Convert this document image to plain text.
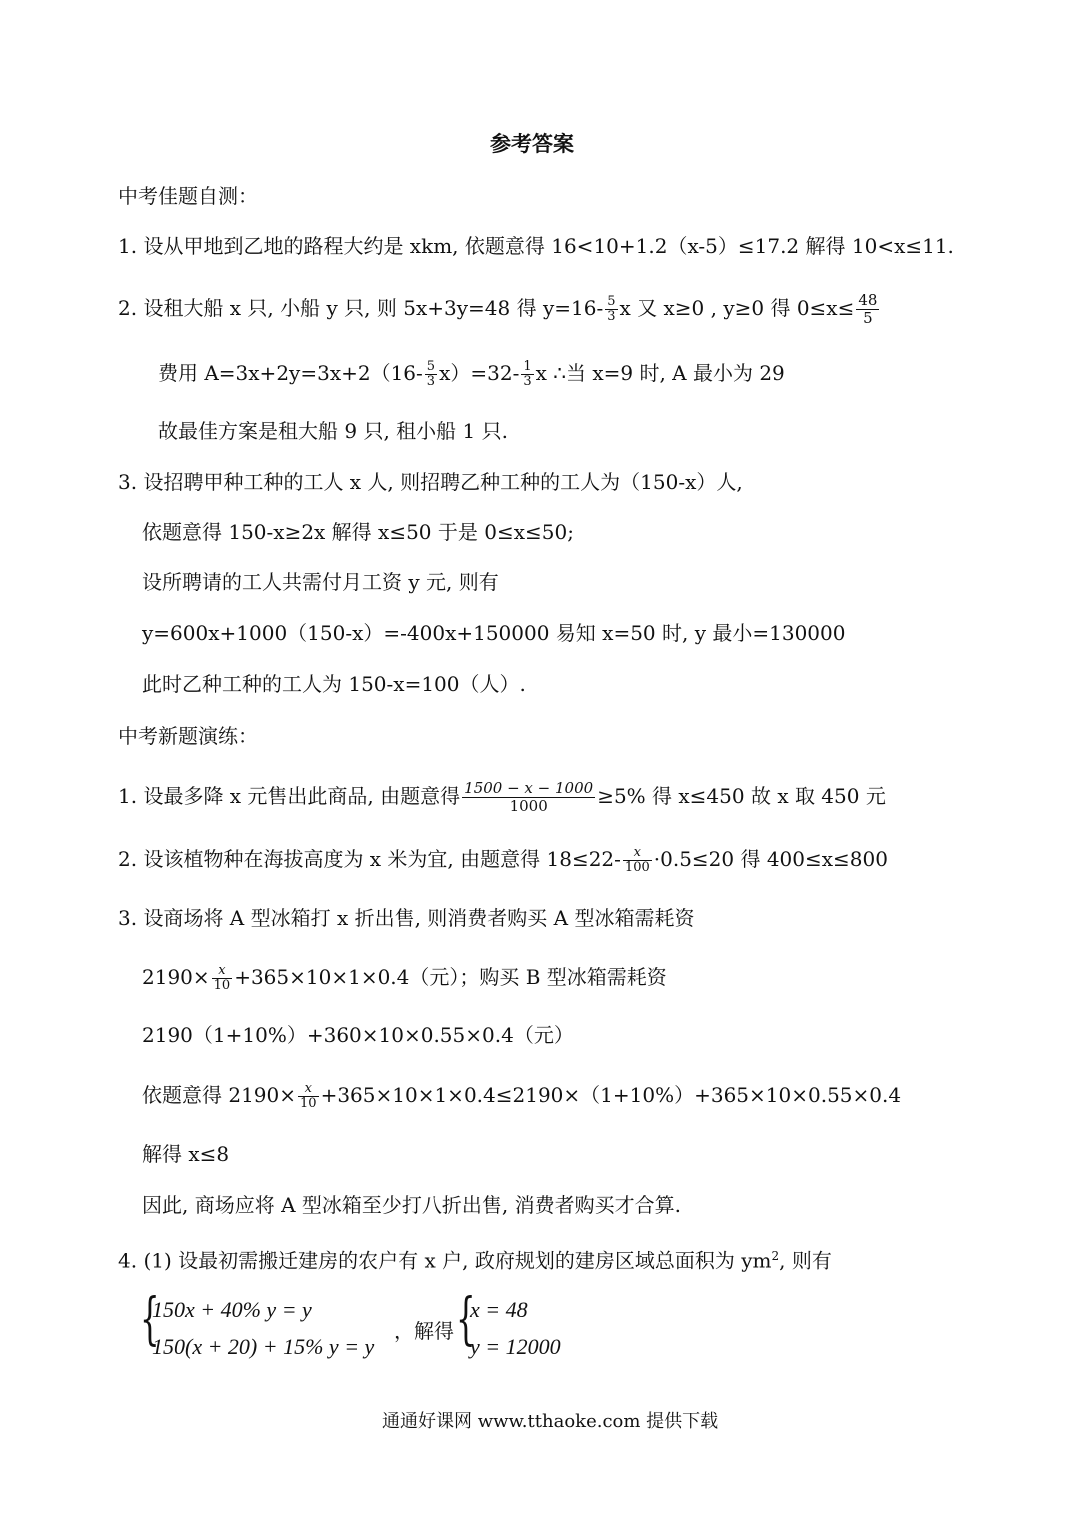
参考答案
中考佳题自测：
1. 设从甲地到乙地的路程大约是 xkm, 依题意得 16<10+1.2（x-5）≤17.2 解得 10<x≤11.
2. 设租大船 x 只, 小船 y 只, 则 5x+3y=48 得 $y=16- \frac{5}{3}$ x 又 x≥0 , y≥0 得 $0\le x\le \frac{48}{5}$
费用 $A=3x+2y=3x+2(16- \frac{5}{3} x)=32- \frac{1}{3}$ x ∴当 x=9 时, A 最小为 29
故最佳方案是租大船 9 只, 租小船 1 只.
3. 设招聘甲种工种的工人 x 人, 则招聘乙种工种的工人为（150-x）人,
依题意得 150-x≥2x 解得 x≤50 于是 0≤x≤50;
设所聘请的工人共需付月工资 y 元, 则有
y=600x+1000（150-x）=-400x+150000 易知 x=50 时, y 最小=130000
此时乙种工种的工人为 150-x=100（人）.
中考新题演练：
1. 设最多降 x 元售出此商品, 由题意得 $\frac{1500 - x - 1000}{1000} \ge 5\%$ 得 x≤450 故 x 取 450 元
2. 设该植物种在海拔高度为 x 米为宜, 由题意得 $18\le 22- \frac{x}{100} \cdot 0.5\le 20$ 得 400≤x≤800
3. 设商场将 A 型冰箱打 x 折出售, 则消费者购买 A 型冰箱需耗资
$2190\times \frac{x}{10} +365\times 10\times 1\times 0.4$（元）；购买 B 型冰箱需耗资
2190（1+10%）+360×10×0.55×0.4（元）
依题意得 $2190\times \frac{x}{10} +365\times 10\times 1\times 0.4\le 2190\times(1+10\%)+365\times 10\times 0.55\times 0.4$
解得 x≤8
因此, 商场应将 A 型冰箱至少打八折出售, 消费者购买才合算.
4. (1) 设最初需搬迁建房的农户有 x 户, 政府规划的建房区域总面积为 $ym^2$, 则有
{
150x + 40% y = y
150(x + 20) + 15% y = y
，解得 {
x = 48
y = 12000
通通好课网 www.tthaoke.com 提供下载
